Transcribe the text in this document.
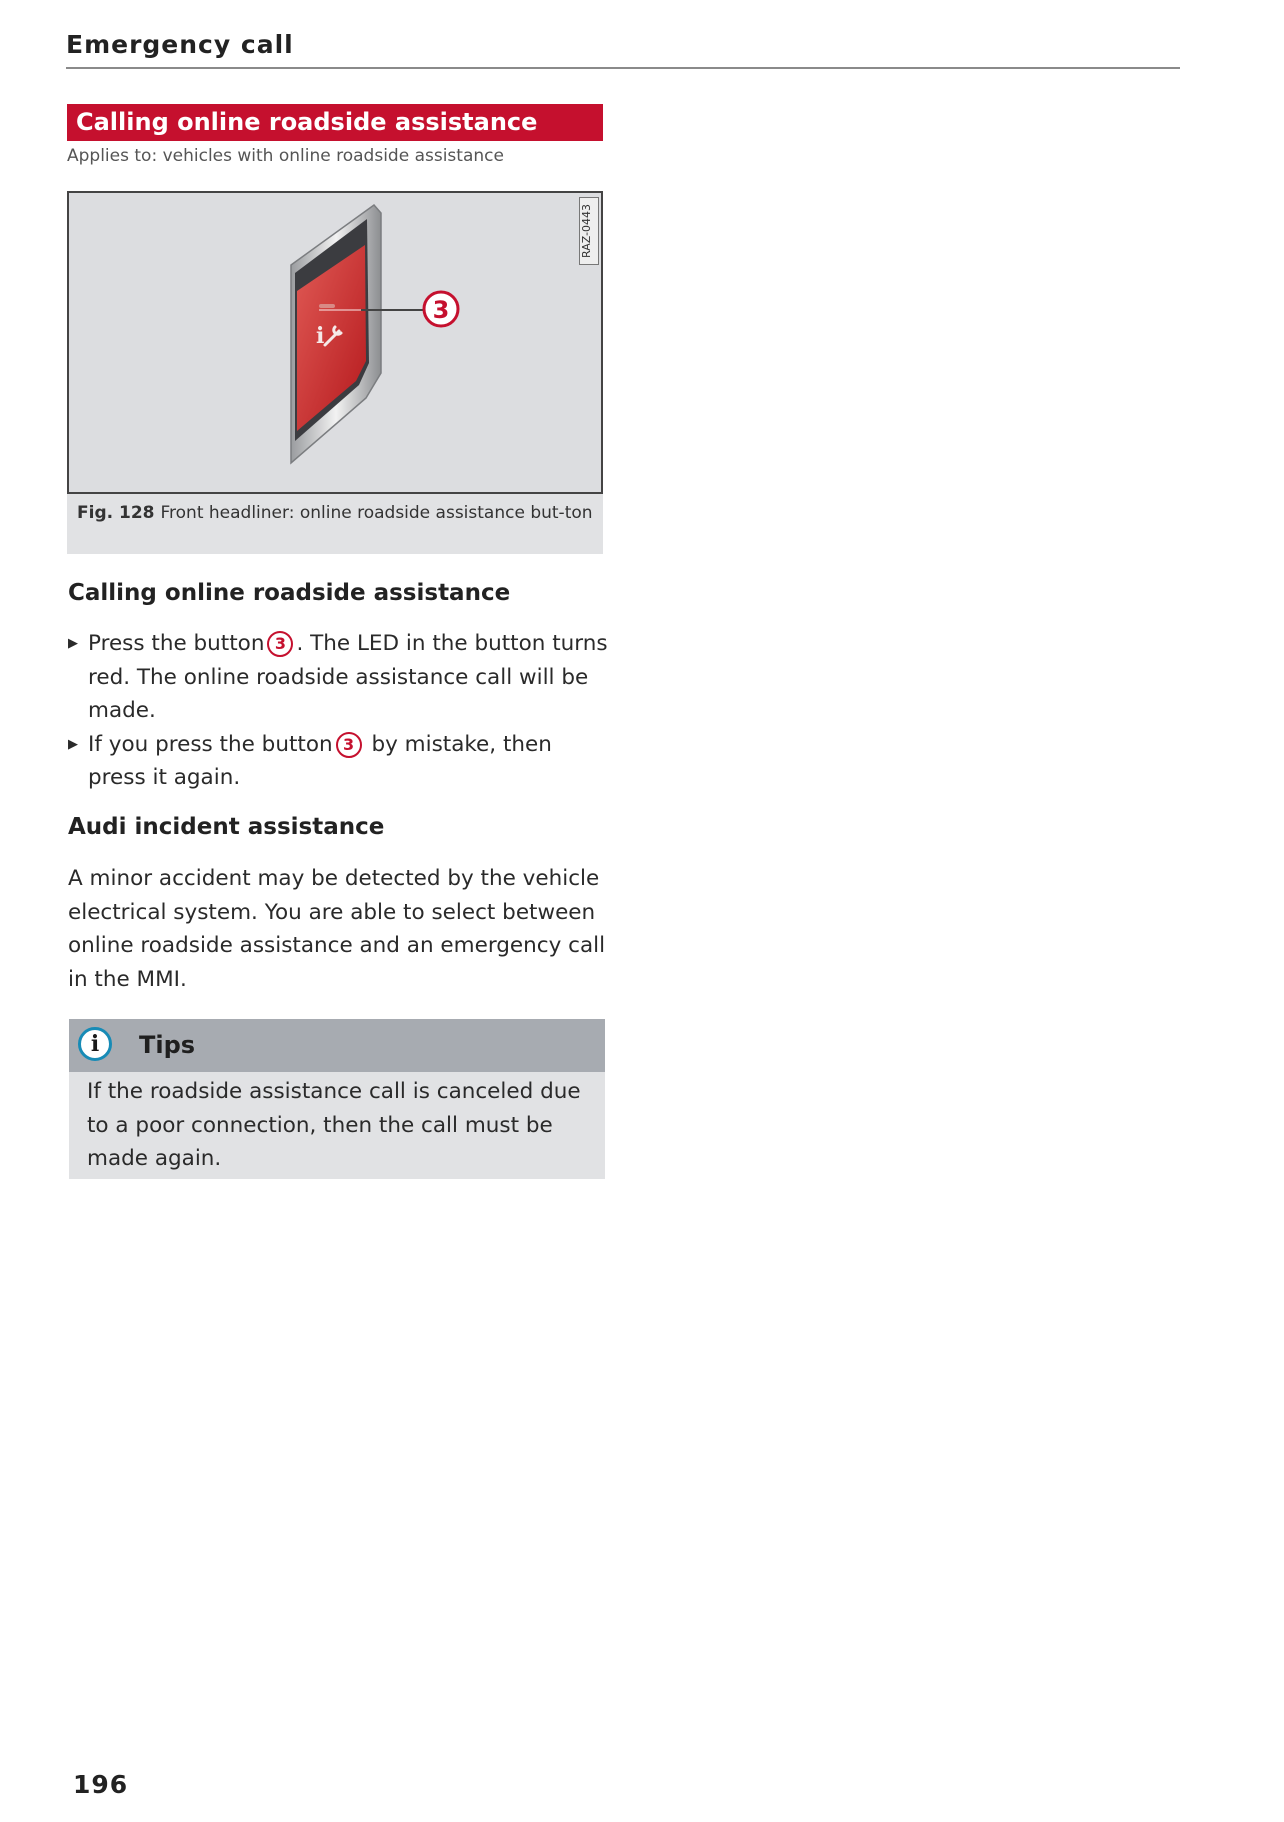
Emergency call
Calling online roadside assistance
Applies to: vehicles with online roadside assistance
i
3
RAZ-0443
Fig. 128 Front headliner: online roadside assistance but-ton
Calling online roadside assistance
▶ Press the button 3 . The LED in the button turns red. The online roadside assistance call will be made.
▶ If you press the button 3 by mistake, then press it again.
Audi incident assistance

A minor accident may be detected by the vehicle electrical system. You are able to select between online roadside assistance and an emergency call in the MMI.

i	Tips

If the roadside assistance call is canceled due to a poor connection, then the call must be made again.

196
